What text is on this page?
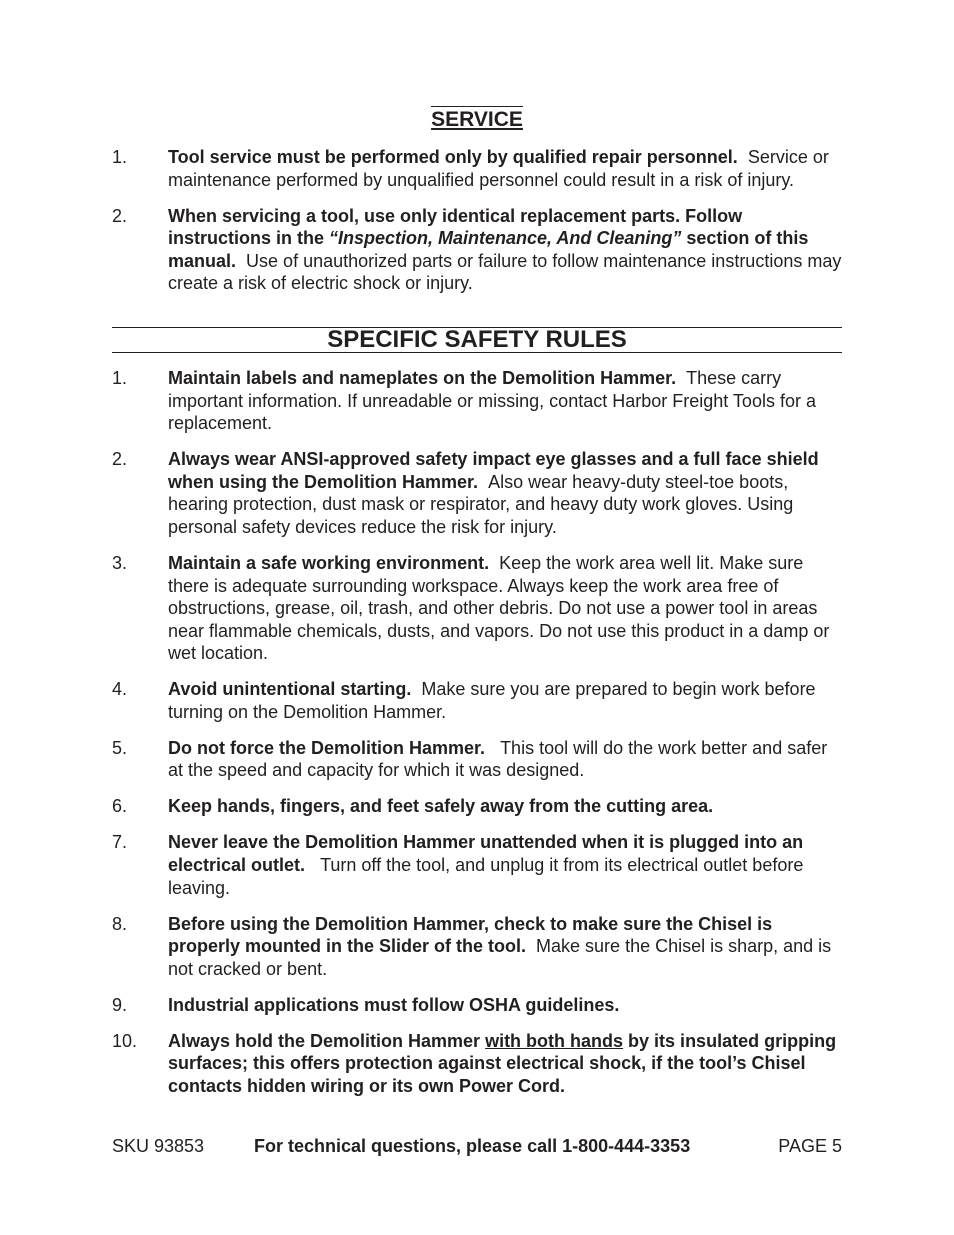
SERVICE
1. Tool service must be performed only by qualified repair personnel. Service or maintenance performed by unqualified personnel could result in a risk of injury.
2. When servicing a tool, use only identical replacement parts. Follow instructions in the “Inspection, Maintenance, And Cleaning” section of this manual. Use of unauthorized parts or failure to follow maintenance instructions may create a risk of electric shock or injury.
SPECIFIC SAFETY RULES
1. Maintain labels and nameplates on the Demolition Hammer. These carry important information. If unreadable or missing, contact Harbor Freight Tools for a replacement.
2. Always wear ANSI-approved safety impact eye glasses and a full face shield when using the Demolition Hammer. Also wear heavy-duty steel-toe boots, hearing protection, dust mask or respirator, and heavy duty work gloves. Using personal safety devices reduce the risk for injury.
3. Maintain a safe working environment. Keep the work area well lit. Make sure there is adequate surrounding workspace. Always keep the work area free of obstructions, grease, oil, trash, and other debris. Do not use a power tool in areas near flammable chemicals, dusts, and vapors. Do not use this product in a damp or wet location.
4. Avoid unintentional starting. Make sure you are prepared to begin work before turning on the Demolition Hammer.
5. Do not force the Demolition Hammer. This tool will do the work better and safer at the speed and capacity for which it was designed.
6. Keep hands, fingers, and feet safely away from the cutting area.
7. Never leave the Demolition Hammer unattended when it is plugged into an electrical outlet. Turn off the tool, and unplug it from its electrical outlet before leaving.
8. Before using the Demolition Hammer, check to make sure the Chisel is properly mounted in the Slider of the tool. Make sure the Chisel is sharp, and is not cracked or bent.
9. Industrial applications must follow OSHA guidelines.
10. Always hold the Demolition Hammer with both hands by its insulated gripping surfaces; this offers protection against electrical shock, if the tool’s Chisel contacts hidden wiring or its own Power Cord.
SKU 93853	For technical questions, please call 1-800-444-3353	PAGE 5
